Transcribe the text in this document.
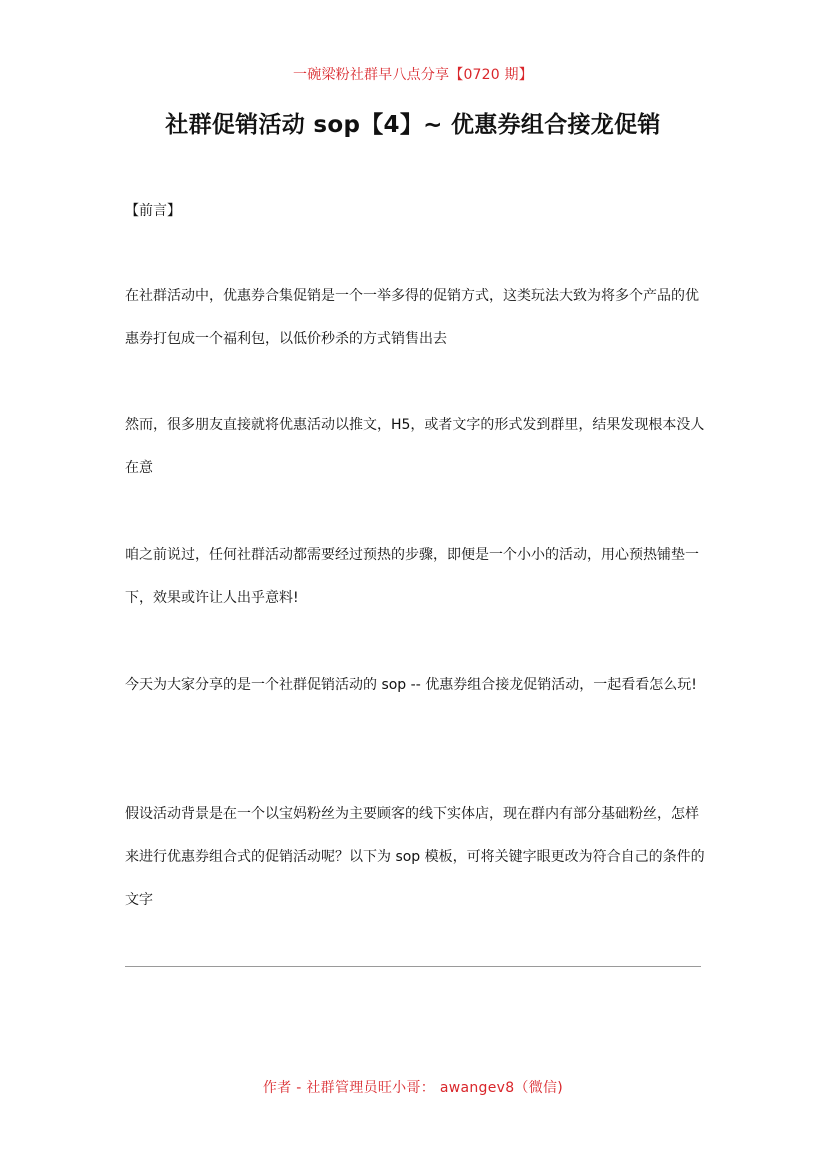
一碗梁粉社群早八点分享【0720 期】
社群促销活动 sop【4】~ 优惠券组合接龙促销
【前言】

在社群活动中，优惠券合集促销是一个一举多得的促销方式，这类玩法大致为将多个产品的优惠券打包成一个福利包，以低价秒杀的方式销售出去

然而，很多朋友直接就将优惠活动以推文，H5，或者文字的形式发到群里，结果发现根本没人在意

咱之前说过，任何社群活动都需要经过预热的步骤，即便是一个小小的活动，用心预热铺垫一下，效果或许让人出乎意料!

今天为大家分享的是一个社群促销活动的 sop -- 优惠券组合接龙促销活动，一起看看怎么玩!

假设活动背景是在一个以宝妈粉丝为主要顾客的线下实体店，现在群内有部分基础粉丝，怎样来进行优惠券组合式的促销活动呢？以下为 sop 模板，可将关键字眼更改为符合自己的条件的文字

作者 - 社群管理员旺小哥： awangev8（微信)
